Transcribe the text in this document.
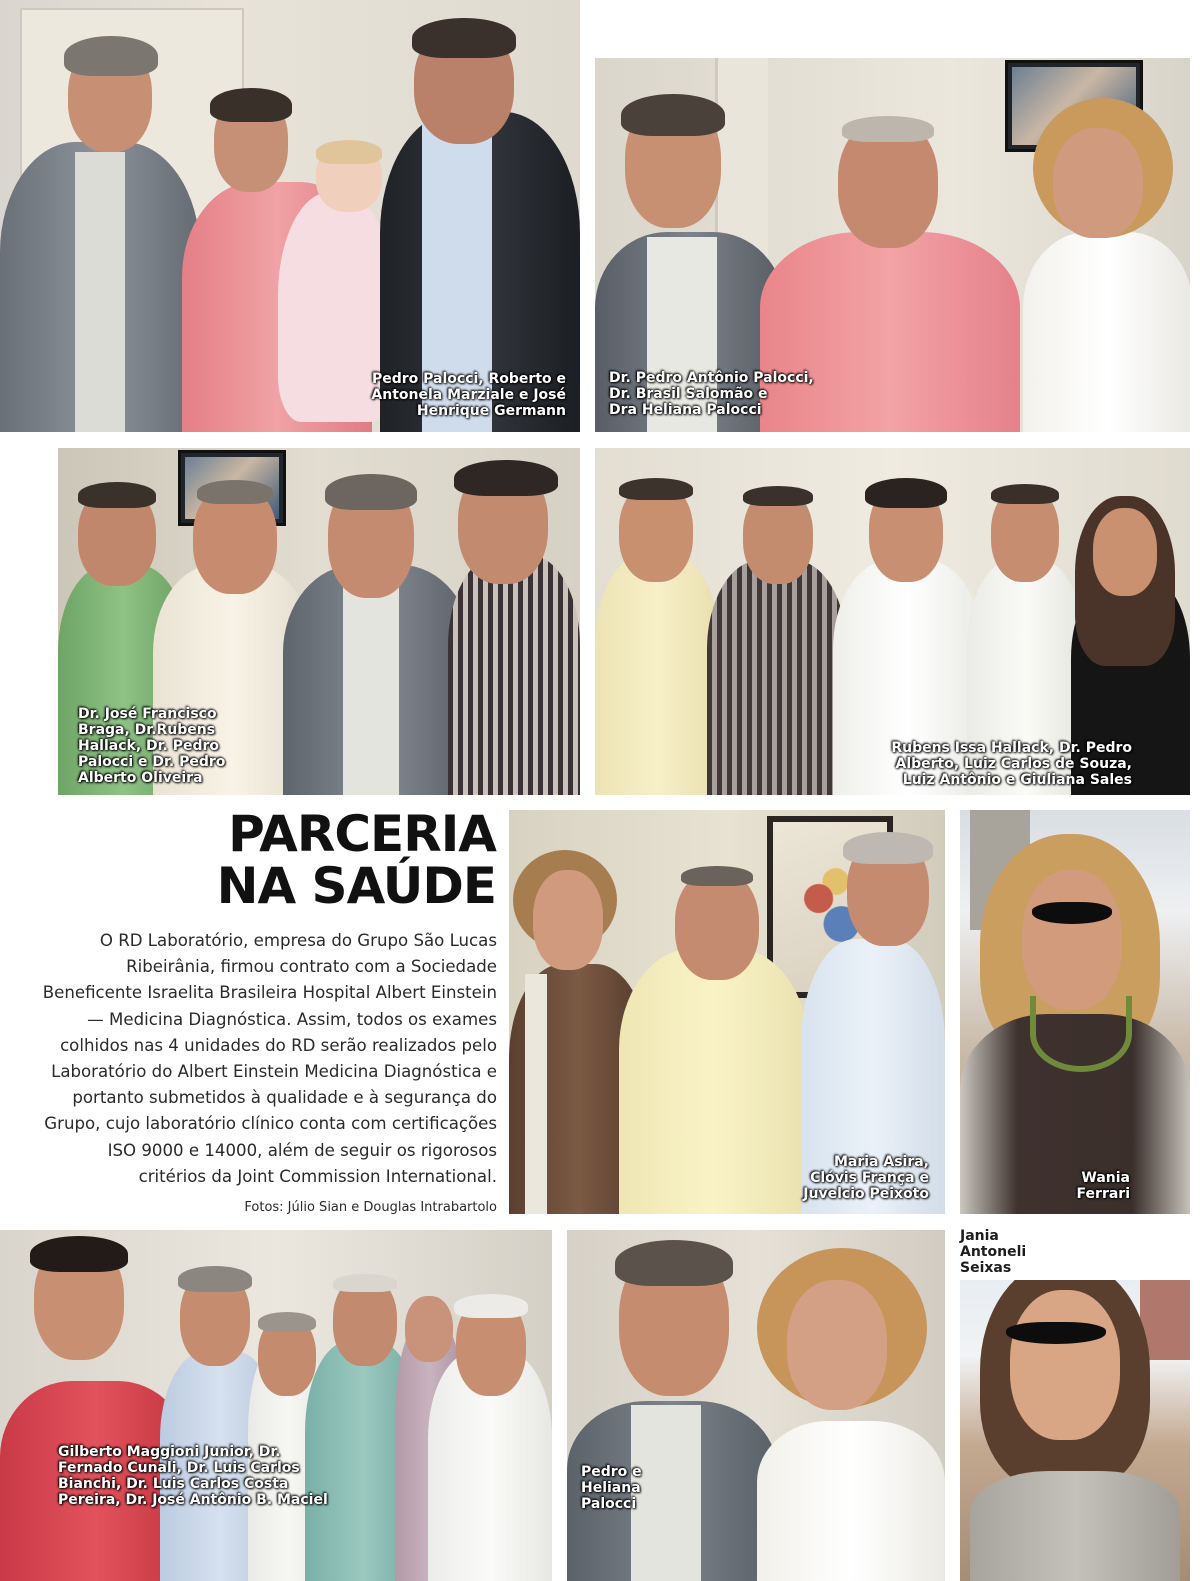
Pedro Palocci, Roberto e
Antonela Marziale e José
Henrique Germann
Dr. Pedro Antônio Palocci,
Dr. Brasil Salomão e
Dra Heliana Palocci
Dr. José Francisco
Braga, Dr.Rubens
Hallack, Dr. Pedro
Palocci e Dr. Pedro
Alberto Oliveira
Rubens Issa Hallack, Dr. Pedro
Alberto, Luiz Carlos de Souza,
Luiz Antônio e Giuliana Sales
PARCERIA
NA SAÚDE
O RD Laboratório, empresa do Grupo São Lucas Ribeirânia, firmou contrato com a Sociedade Beneficente Israelita Brasileira Hospital Albert Einstein — Medicina Diagnóstica. Assim, todos os exames colhidos nas 4 unidades do RD serão realizados pelo Laboratório do Albert Einstein Medicina Diagnóstica e portanto submetidos à qualidade e à segurança do Grupo, cujo laboratório clínico conta com certificações ISO 9000 e 14000, além de seguir os rigorosos critérios da Joint Commission International.
Fotos: Júlio Sian e Douglas Intrabartolo
Maria Asira,
Clóvis França e
Juvelcio Peixoto
Wania
Ferrari
Gilberto Maggioni Junior, Dr.
Fernado Cunali, Dr. Luis Carlos
Bianchi, Dr. Luis Carlos Costa
Pereira, Dr. José Antônio B. Maciel
Pedro e
Heliana
Palocci
Jania
Antoneli
Seixas
